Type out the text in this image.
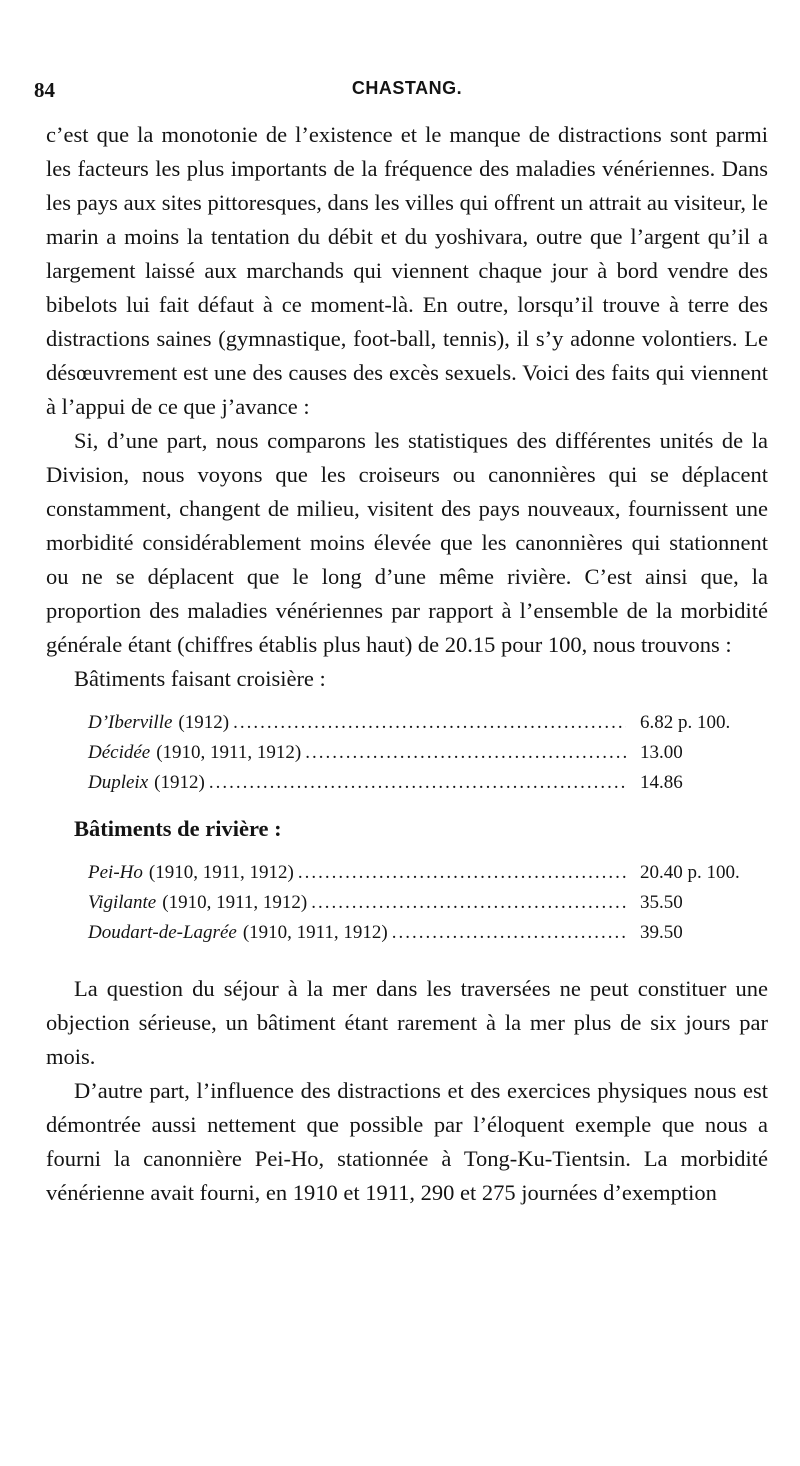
84	CHASTANG.

c’est que la monotonie de l’existence et le manque de distractions sont parmi les facteurs les plus importants de la fréquence des maladies vénériennes. Dans les pays aux sites pittoresques, dans les villes qui offrent un attrait au visiteur, le marin a moins la tentation du débit et du yoshivara, outre que l’argent qu’il a largement laissé aux marchands qui viennent chaque jour à bord vendre des bibelots lui fait défaut à ce moment-là. En outre, lorsqu’il trouve à terre des distractions saines (gymnastique, foot-ball, tennis), il s’y adonne volontiers. Le désœuvrement est une des causes des excès sexuels. Voici des faits qui viennent à l’appui de ce que j’avance :

Si, d’une part, nous comparons les statistiques des différentes unités de la Division, nous voyons que les croiseurs ou canonnières qui se déplacent constamment, changent de milieu, visitent des pays nouveaux, fournissent une morbidité considérablement moins élevée que les canonnières qui stationnent ou ne se déplacent que le long d’une même rivière. C’est ainsi que, la proportion des maladies vénériennes par rapport à l’ensemble de la morbidité générale étant (chiffres établis plus haut) de 20.15 pour 100, nous trouvons :

Bâtiments faisant croisière :

D’Iberville (1912) .....	6.82 p. 100.
Décidée (1910, 1911, 1912) .....	13.00
Dupleix (1912) .....	14.86

Bâtiments de rivière :

Pei-Ho (1910, 1911, 1912) .....	20.40 p. 100.
Vigilante (1910, 1911, 1912) .....	35.50
Doudart-de-Lagrée (1910, 1911, 1912) .....	39.50

La question du séjour à la mer dans les traversées ne peut constituer une objection sérieuse, un bâtiment étant rarement à la mer plus de six jours par mois.

D’autre part, l’influence des distractions et des exercices physiques nous est démontrée aussi nettement que possible par l’éloquent exemple que nous a fourni la canonnière Pei-Ho, stationnée à Tong-Ku-Tientsin. La morbidité vénérienne avait fourni, en 1910 et 1911, 290 et 275 journées d’exemption
